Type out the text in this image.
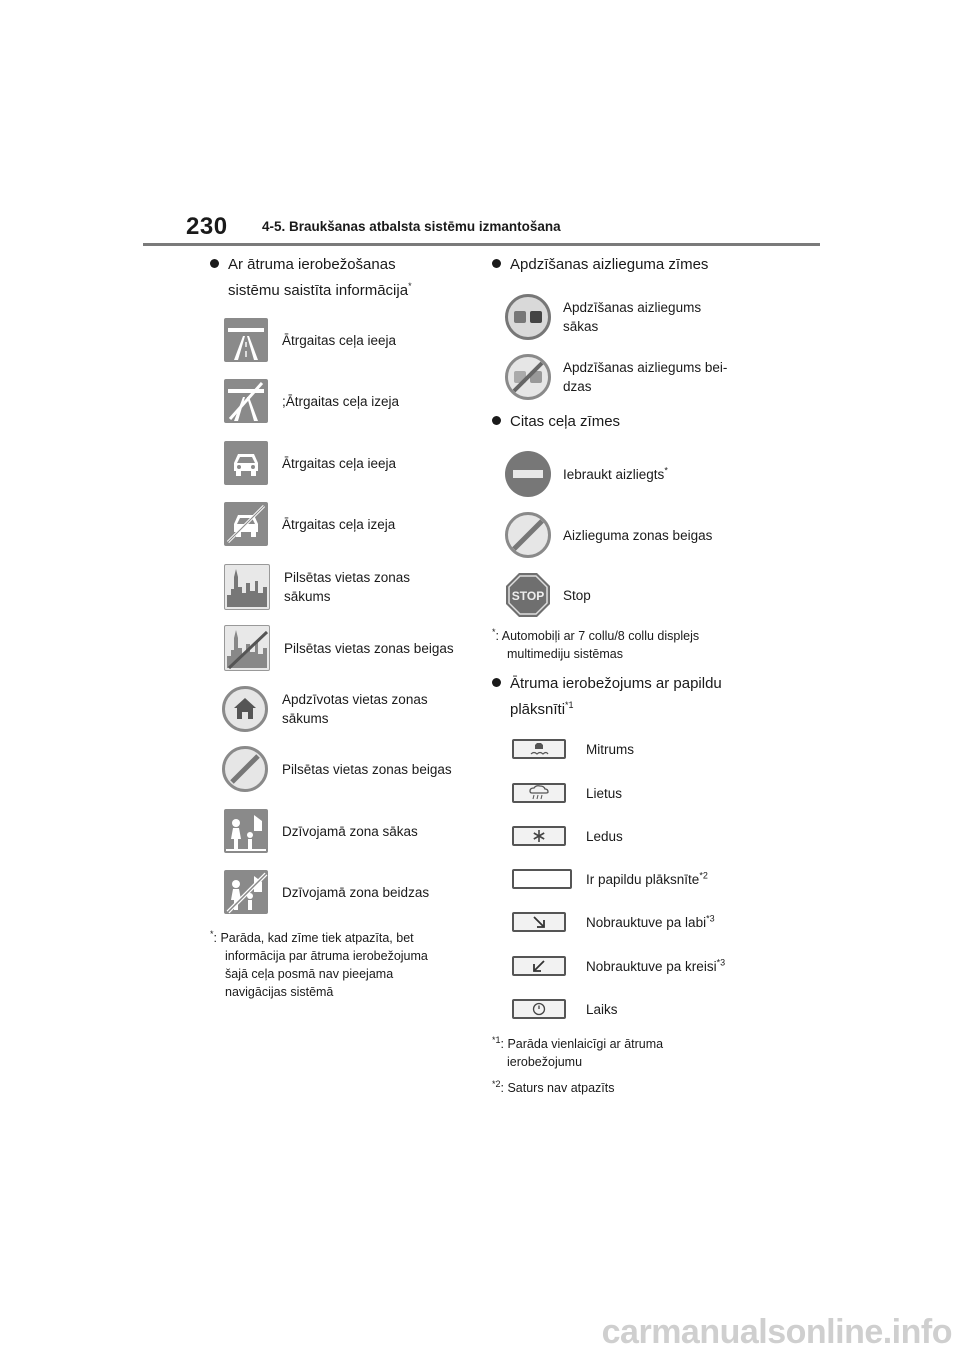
230	4-5. Braukšanas atbalsta sistēmu izmantošana
Ar ātruma ierobežošanas
sistēmu saistīta informācija*
Ātrgaitas ceļa ieeja
;Ātrgaitas ceļa izeja
Ātrgaitas ceļa ieeja
Ātrgaitas ceļa izeja
Pilsētas vietas zonas sākums
Pilsētas vietas zonas beigas
Apdzīvotas vietas zonas sākums
Pilsētas vietas zonas beigas
Dzīvojamā zona sākas
Dzīvojamā zona beidzas
*: Parāda, kad zīme tiek atpazīta, bet
informācija par ātruma ierobežojuma
šajā ceļa posmā nav pieejama
navigācijas sistēmā
Apdzīšanas aizlieguma zīmes
Apdzīšanas aizliegums
sākas
Apdzīšanas aizliegums bei-
dzas
Citas ceļa zīmes
Iebraukt aizliegts*
Aizlieguma zonas beigas
STOP Stop
*: Automobiļi ar 7 collu/8 collu displejs
multimediju sistēmas
Ātruma ierobežojums ar papildu
plāksnīti$^{*1}$
Mitrums
Lietus
Ledus
Ir papildu plāksnīte$^{*2}$
Nobrauktuve pa labi$^{*3}$
Nobrauktuve pa kreisi$^{*3}$
Laiks
$^{*1}$: Parāda vienlaicīgi ar ātruma
ierobežojumu
$^{*2}$: Saturs nav atpazīts
carmanualsonline.info
